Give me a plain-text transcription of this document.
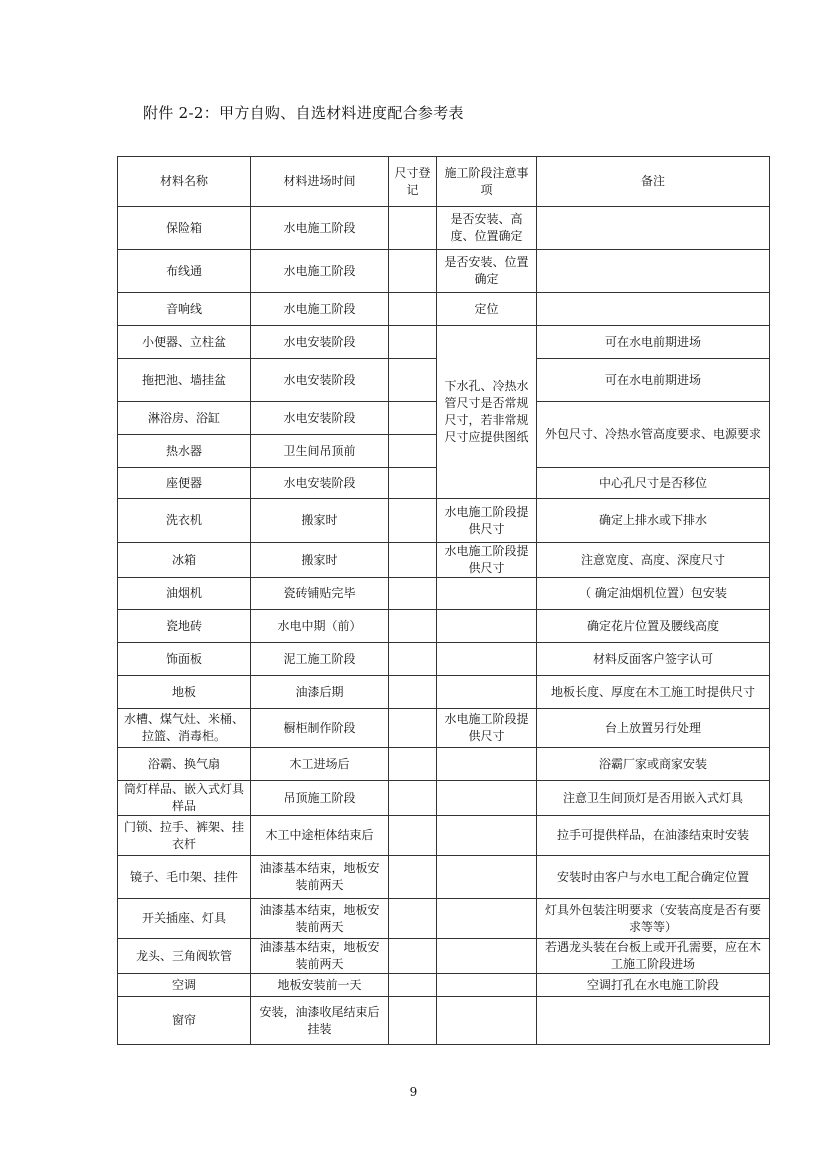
附件 2-2：甲方自购、自选材料进度配合参考表
材料名称	材料进场时间	尺寸登记	施工阶段注意事项	备注
保险箱	水电施工阶段		是否安装、高度、位置确定	
布线通	水电施工阶段		是否安装、位置确定	
音响线	水电施工阶段		定位	
小便器、立柱盆	水电安装阶段		下水孔、冷热水管尺寸是否常规尺寸，若非常规尺寸应提供图纸	可在水电前期进场
拖把池、墙挂盆	水电安装阶段			可在水电前期进场
淋浴房、浴缸	水电安装阶段			外包尺寸、冷热水管高度要求、电源要求
热水器	卫生间吊顶前			
座便器	水电安装阶段			中心孔尺寸是否移位
洗衣机	搬家时		水电施工阶段提供尺寸	确定上排水或下排水
冰箱	搬家时		水电施工阶段提供尺寸	注意宽度、高度、深度尺寸
油烟机	瓷砖铺贴完毕			（ 确定油烟机位置）包安装
瓷地砖	水电中期（前）			确定花片位置及腰线高度
饰面板	泥工施工阶段			材料反面客户签字认可
地板	油漆后期			地板长度、厚度在木工施工时提供尺寸
水槽、煤气灶、米桶、拉篮、消毒柜。	橱柜制作阶段		水电施工阶段提供尺寸	台上放置另行处理
浴霸、换气扇	木工进场后			浴霸厂家或商家安装
筒灯样品、嵌入式灯具样品	吊顶施工阶段			注意卫生间顶灯是否用嵌入式灯具
门锁、拉手、裤架、挂衣杆	木工中途柜体结束后			拉手可提供样品，在油漆结束时安装
镜子、毛巾架、挂件	油漆基本结束，地板安装前两天			安装时由客户与水电工配合确定位置
开关插座、灯具	油漆基本结束，地板安装前两天			灯具外包装注明要求（安装高度是否有要求等等）
龙头、三角阀软管	油漆基本结束，地板安装前两天			若遇龙头装在台板上或开孔需要，应在木工施工阶段进场
空调	地板安装前一天			空调打孔在水电施工阶段
窗帘	安装，油漆收尾结束后挂装			
9
